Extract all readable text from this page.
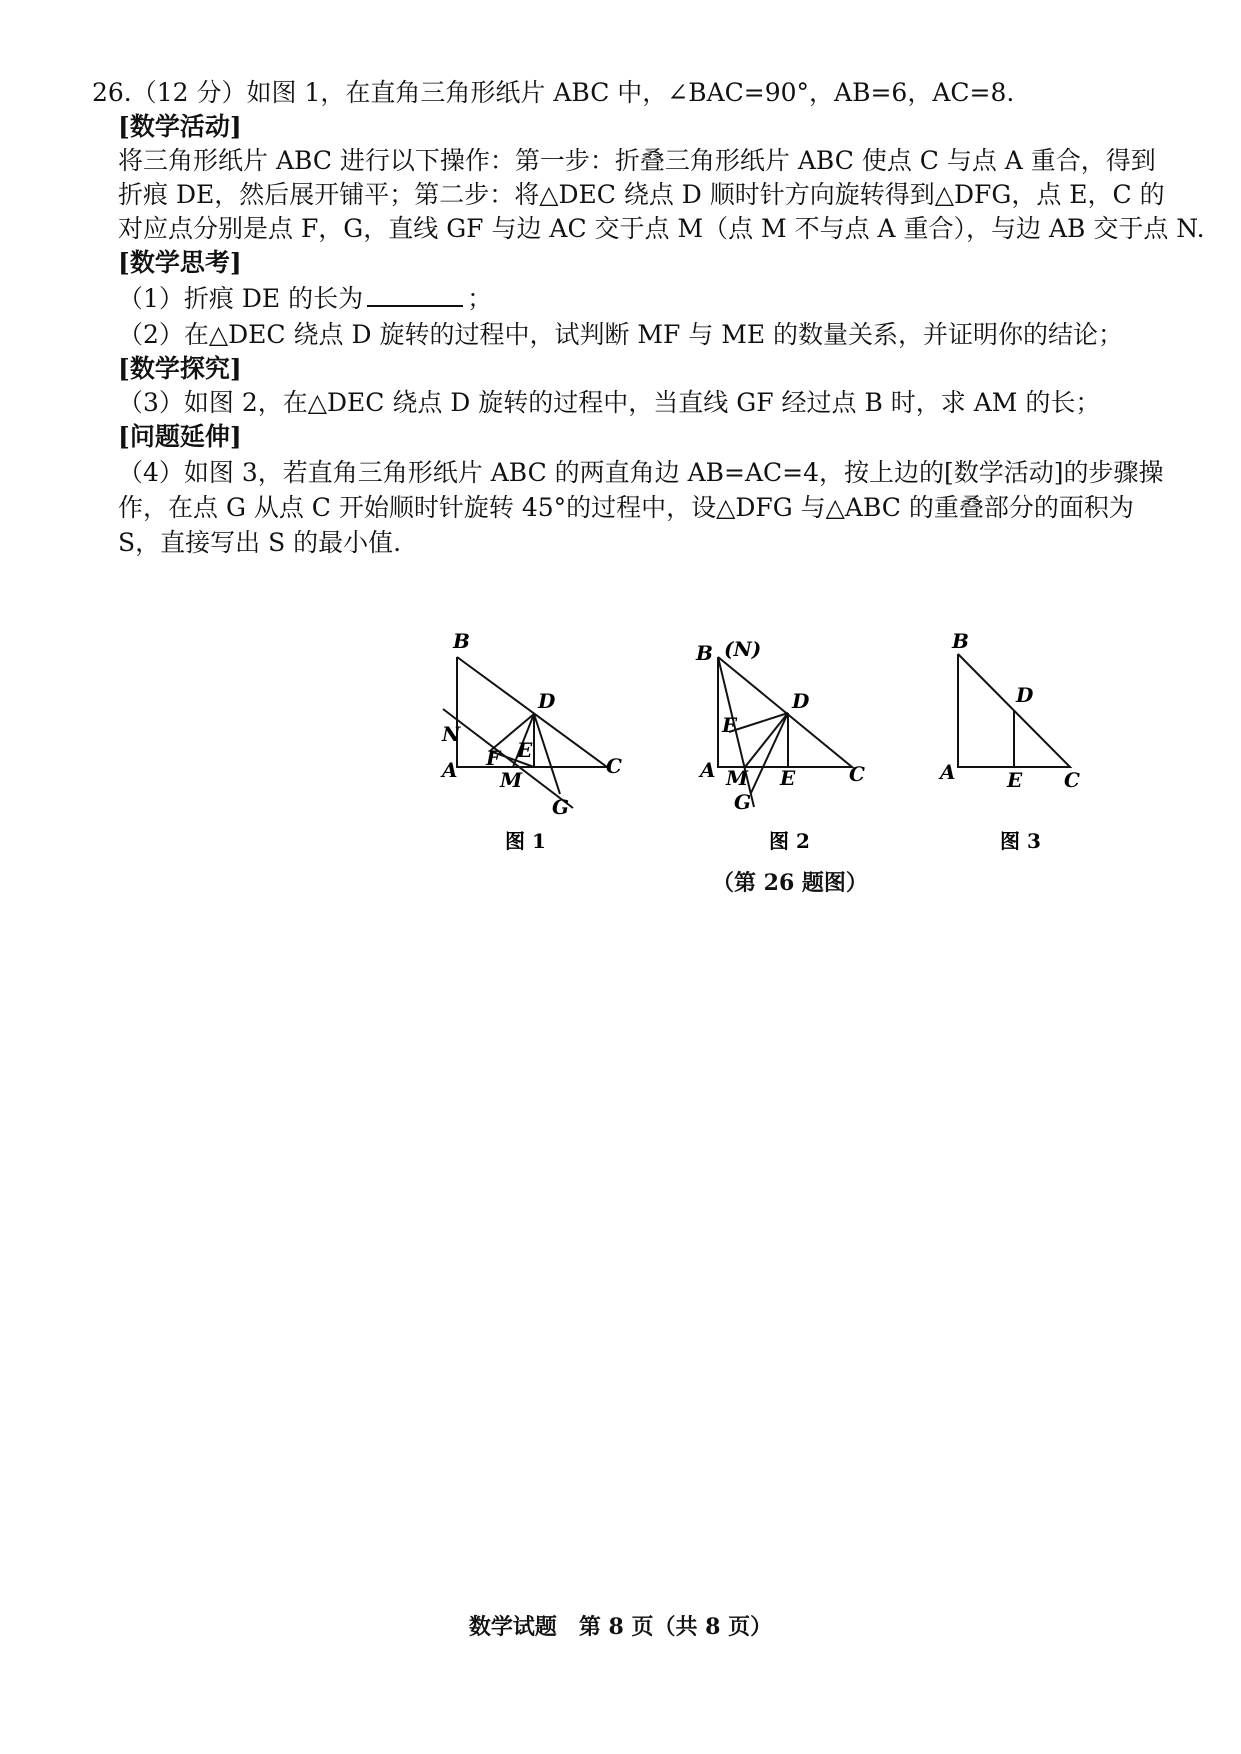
26.（12 分）如图 1，在直角三角形纸片 ABC 中，∠BAC=90°，AB=6，AC=8.
[数学活动]
将三角形纸片 ABC 进行以下操作：第一步：折叠三角形纸片 ABC 使点 C 与点 A 重合，得到
折痕 DE，然后展开铺平；第二步：将△DEC 绕点 D 顺时针方向旋转得到△DFG，点 E，C 的
对应点分别是点 F，G，直线 GF 与边 AC 交于点 M（点 M 不与点 A 重合），与边 AB 交于点 N.
[数学思考]
（1）折痕 DE 的长为	；
（2）在△DEC 绕点 D 旋转的过程中，试判断 MF 与 ME 的数量关系，并证明你的结论；
[数学探究]
（3）如图 2，在△DEC 绕点 D 旋转的过程中，当直线 GF 经过点 B 时，求 AM 的长；
[问题延伸]
（4）如图 3，若直角三角形纸片 ABC 的两直角边 AB=AC=4，按上边的[数学活动]的步骤操
作，在点 G 从点 C 开始顺时针旋转 45°的过程中，设△DFG 与△ABC 的重叠部分的面积为
S，直接写出 S 的最小值.
B
D
N
E
F
A M
C
G
图 1
B (N)
D
F
A M E	C
G
图 2
B
D
A	E C
图 3
（第 26 题图）
数学试题　第 8 页（共 8 页）
